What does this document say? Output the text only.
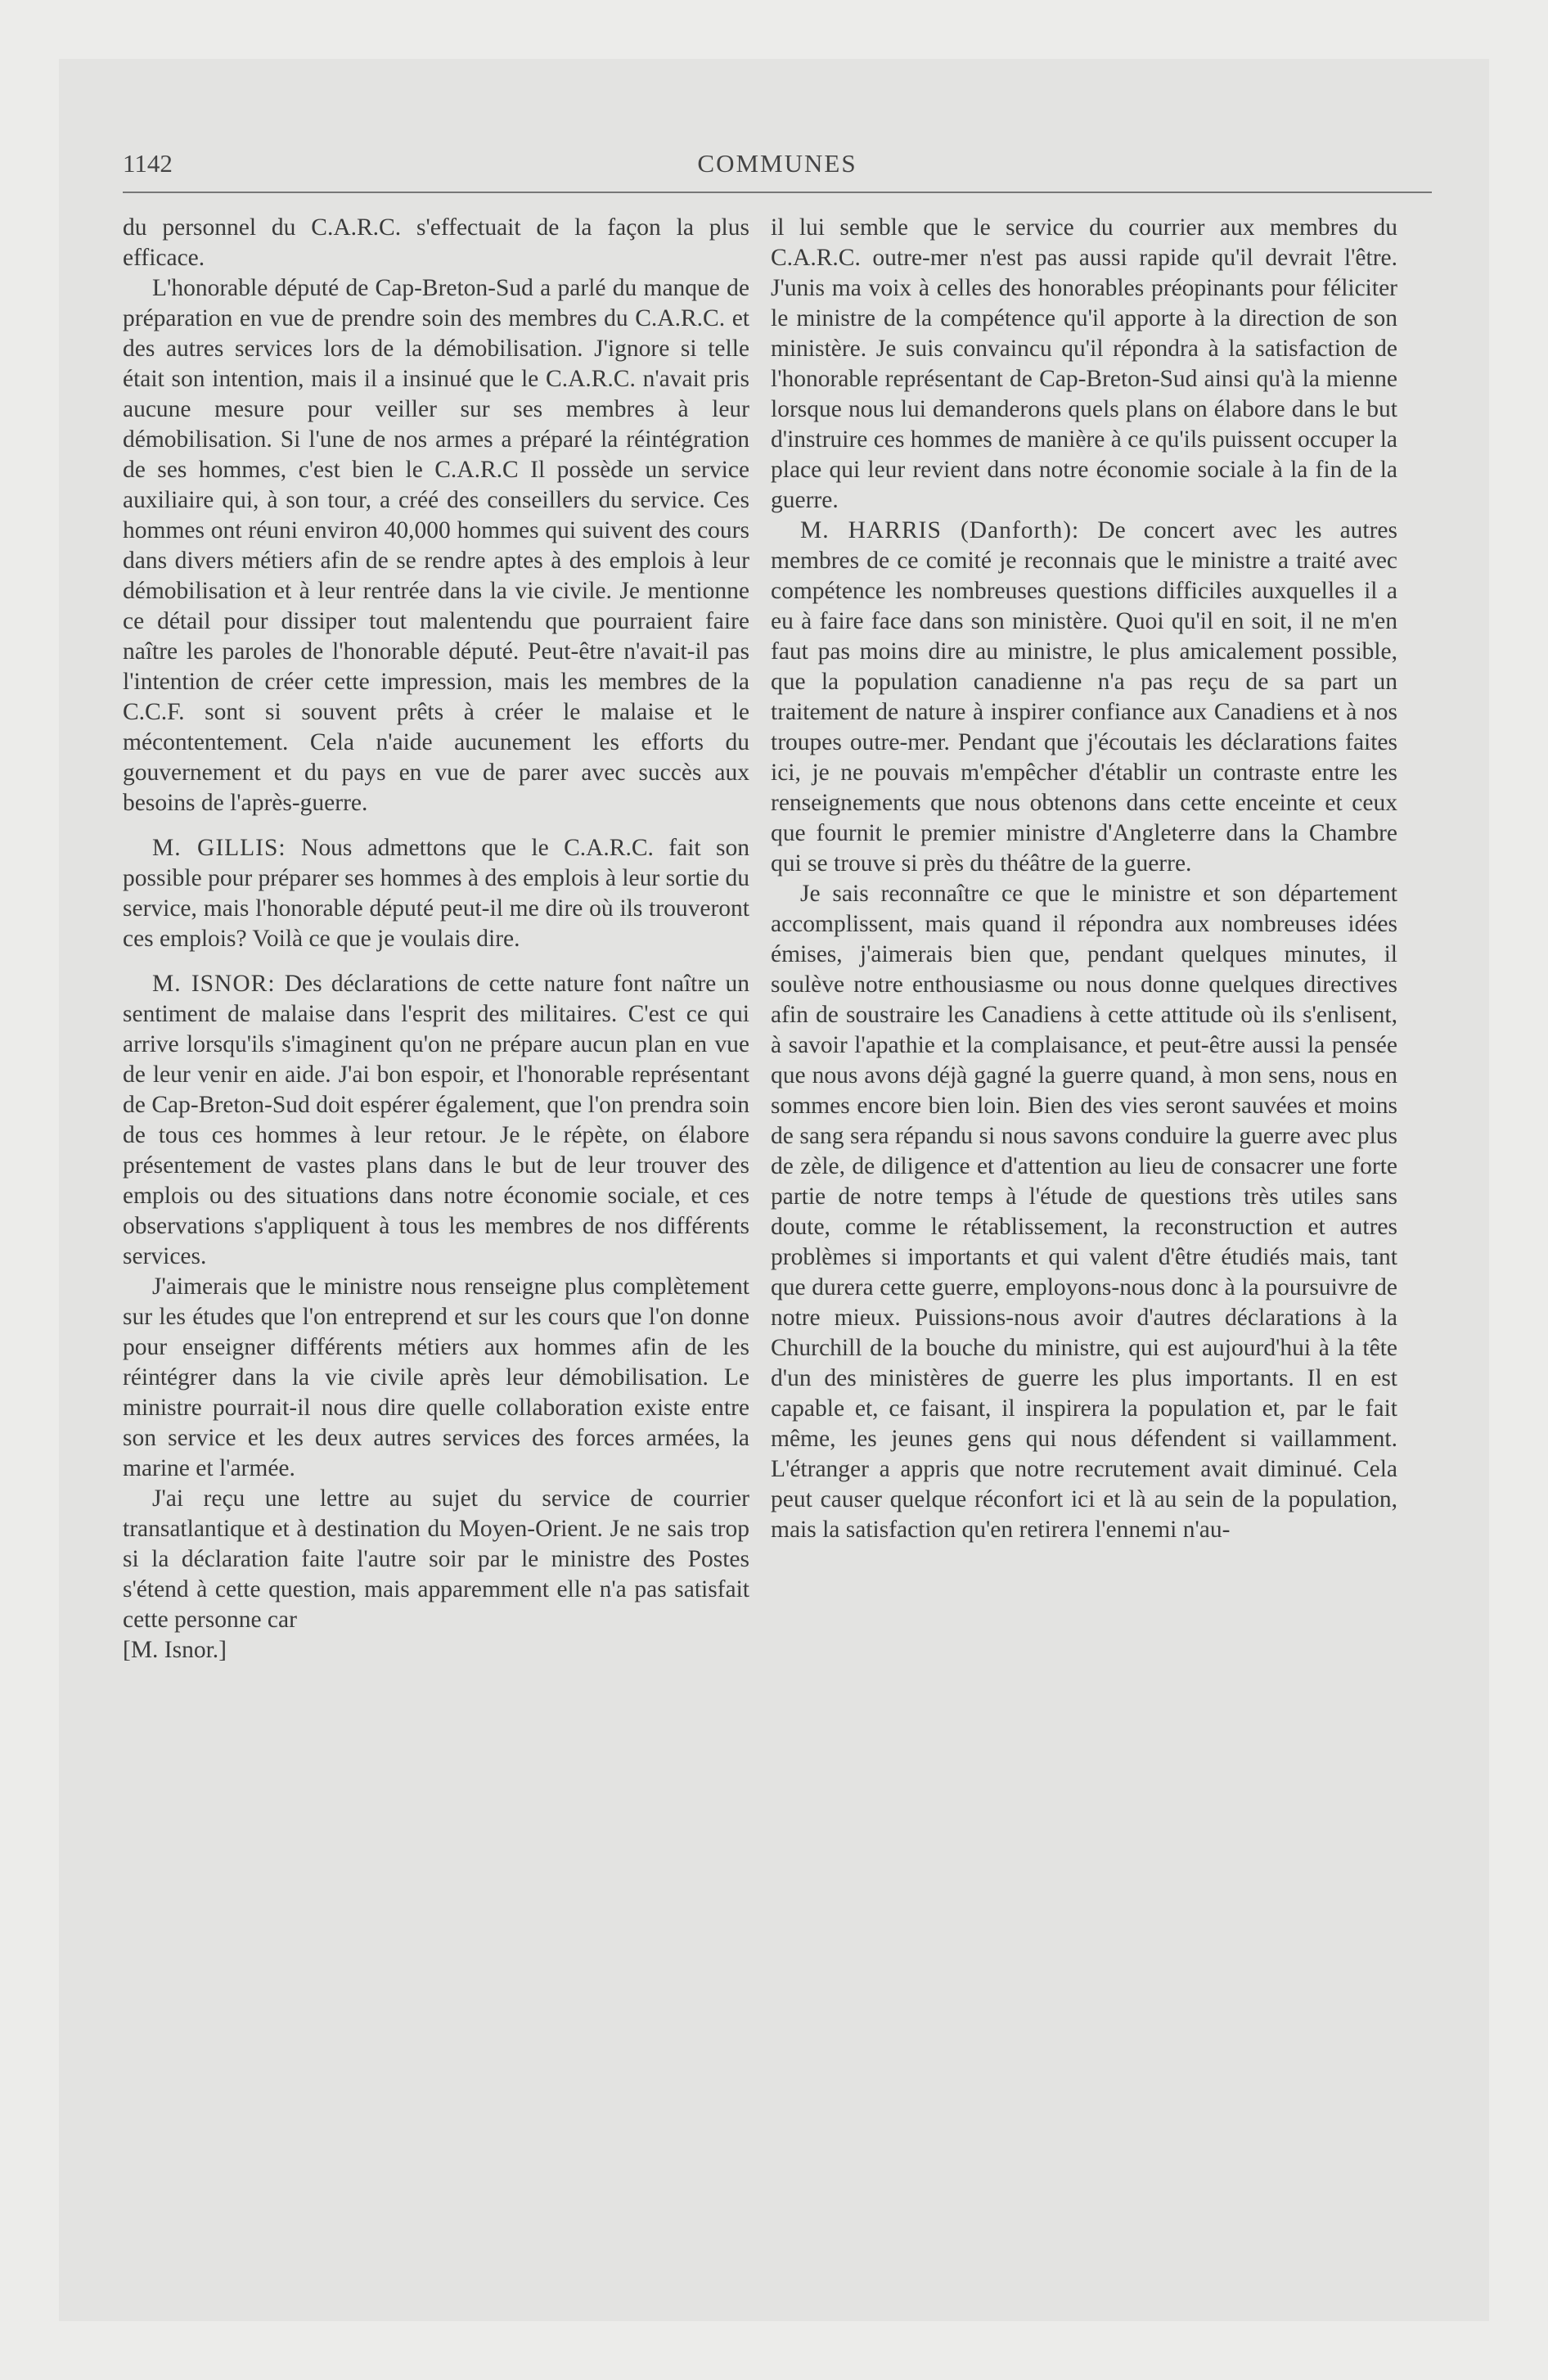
1142	COMMUNES

du personnel du C.A.R.C. s'effectuait de la façon la plus efficace.

L'honorable député de Cap-Breton-Sud a parlé du manque de préparation en vue de prendre soin des membres du C.A.R.C. et des autres services lors de la démobilisation. J'ignore si telle était son intention, mais il a insinué que le C.A.R.C. n'avait pris aucune mesure pour veiller sur ses membres à leur démobilisation. Si l'une de nos armes a préparé la réintégration de ses hommes, c'est bien le C.A.R.C Il possède un service auxiliaire qui, à son tour, a créé des conseillers du service. Ces hommes ont réuni environ 40,000 hommes qui suivent des cours dans divers métiers afin de se rendre aptes à des emplois à leur démobilisation et à leur rentrée dans la vie civile. Je mentionne ce détail pour dissiper tout malentendu que pourraient faire naître les paroles de l'honorable député. Peut-être n'avait-il pas l'intention de créer cette impression, mais les membres de la C.C.F. sont si souvent prêts à créer le malaise et le mécontentement. Cela n'aide aucunement les efforts du gouvernement et du pays en vue de parer avec succès aux besoins de l'après-guerre.

M. GILLIS: Nous admettons que le C.A.R.C. fait son possible pour préparer ses hommes à des emplois à leur sortie du service, mais l'honorable député peut-il me dire où ils trouveront ces emplois? Voilà ce que je voulais dire.

M. ISNOR: Des déclarations de cette nature font naître un sentiment de malaise dans l'esprit des militaires. C'est ce qui arrive lorsqu'ils s'imaginent qu'on ne prépare aucun plan en vue de leur venir en aide. J'ai bon espoir, et l'honorable représentant de Cap-Breton-Sud doit espérer également, que l'on prendra soin de tous ces hommes à leur retour. Je le répète, on élabore présentement de vastes plans dans le but de leur trouver des emplois ou des situations dans notre économie sociale, et ces observations s'appliquent à tous les membres de nos différents services.

J'aimerais que le ministre nous renseigne plus complètement sur les études que l'on entreprend et sur les cours que l'on donne pour enseigner différents métiers aux hommes afin de les réintégrer dans la vie civile après leur démobilisation. Le ministre pourrait-il nous dire quelle collaboration existe entre son service et les deux autres services des forces armées, la marine et l'armée.

J'ai reçu une lettre au sujet du service de courrier transatlantique et à destination du Moyen-Orient. Je ne sais trop si la déclaration faite l'autre soir par le ministre des Postes s'étend à cette question, mais apparemment elle n'a pas satisfait cette personne car

[M. Isnor.]

il lui semble que le service du courrier aux membres du C.A.R.C. outre-mer n'est pas aussi rapide qu'il devrait l'être. J'unis ma voix à celles des honorables préopinants pour féliciter le ministre de la compétence qu'il apporte à la direction de son ministère. Je suis convaincu qu'il répondra à la satisfaction de l'honorable représentant de Cap-Breton-Sud ainsi qu'à la mienne lorsque nous lui demanderons quels plans on élabore dans le but d'instruire ces hommes de manière à ce qu'ils puissent occuper la place qui leur revient dans notre économie sociale à la fin de la guerre.

M. HARRIS (Danforth): De concert avec les autres membres de ce comité je reconnais que le ministre a traité avec compétence les nombreuses questions difficiles auxquelles il a eu à faire face dans son ministère. Quoi qu'il en soit, il ne m'en faut pas moins dire au ministre, le plus amicalement possible, que la population canadienne n'a pas reçu de sa part un traitement de nature à inspirer confiance aux Canadiens et à nos troupes outre-mer. Pendant que j'écoutais les déclarations faites ici, je ne pouvais m'empêcher d'établir un contraste entre les renseignements que nous obtenons dans cette enceinte et ceux que fournit le premier ministre d'Angleterre dans la Chambre qui se trouve si près du théâtre de la guerre.

Je sais reconnaître ce que le ministre et son département accomplissent, mais quand il répondra aux nombreuses idées émises, j'aimerais bien que, pendant quelques minutes, il soulève notre enthousiasme ou nous donne quelques directives afin de soustraire les Canadiens à cette attitude où ils s'enlisent, à savoir l'apathie et la complaisance, et peut-être aussi la pensée que nous avons déjà gagné la guerre quand, à mon sens, nous en sommes encore bien loin. Bien des vies seront sauvées et moins de sang sera répandu si nous savons conduire la guerre avec plus de zèle, de diligence et d'attention au lieu de consacrer une forte partie de notre temps à l'étude de questions très utiles sans doute, comme le rétablissement, la reconstruction et autres problèmes si importants et qui valent d'être étudiés mais, tant que durera cette guerre, employons-nous donc à la poursuivre de notre mieux. Puissions-nous avoir d'autres déclarations à la Churchill de la bouche du ministre, qui est aujourd'hui à la tête d'un des ministères de guerre les plus importants. Il en est capable et, ce faisant, il inspirera la population et, par le fait même, les jeunes gens qui nous défendent si vaillamment. L'étranger a appris que notre recrutement avait diminué. Cela peut causer quelque réconfort ici et là au sein de la population, mais la satisfaction qu'en retirera l'ennemi n'au-
